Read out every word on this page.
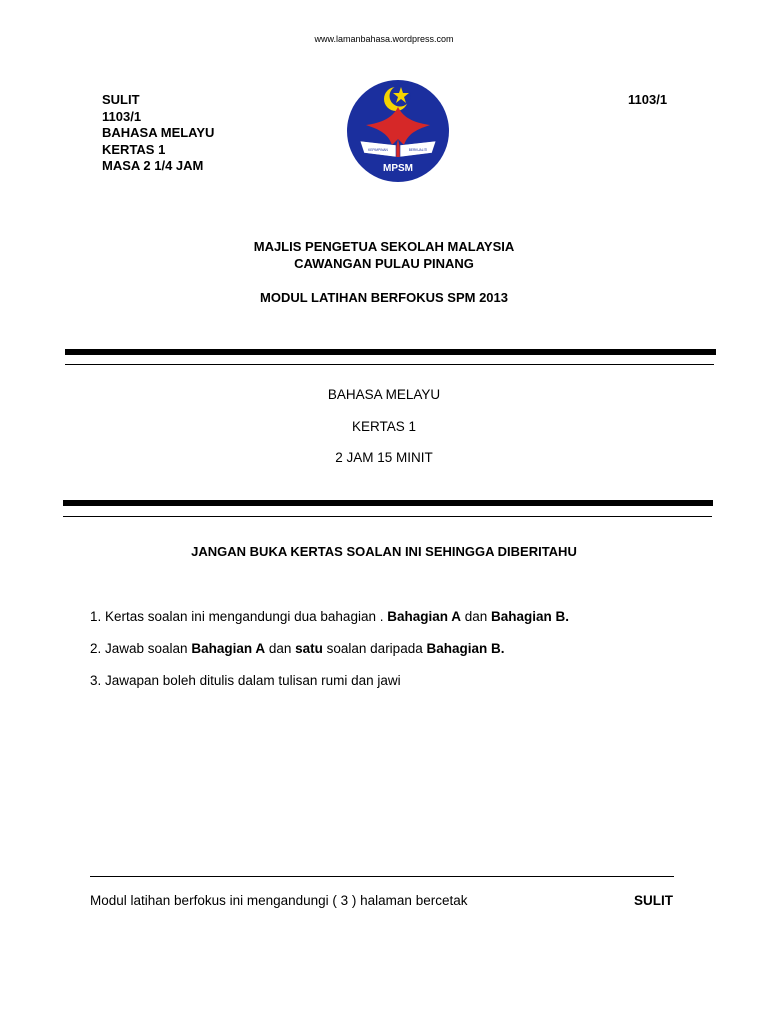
www.lamanbahasa.wordpress.com
SULIT
1103/1
BAHASA MELAYU
KERTAS 1
MASA 2 1/4 JAM
1103/1
KEPIMPINAN	BERKUALITI
MPSM
MAJLIS PENGETUA SEKOLAH MALAYSIA
CAWANGAN PULAU PINANG
MODUL LATIHAN BERFOKUS SPM 2013
BAHASA MELAYU
KERTAS 1
2 JAM 15 MINIT
JANGAN BUKA KERTAS SOALAN INI SEHINGGA DIBERITAHU
1. Kertas soalan ini mengandungi dua bahagian . Bahagian A dan Bahagian B.
2. Jawab soalan Bahagian A dan satu soalan daripada Bahagian B.
3. Jawapan boleh ditulis dalam tulisan rumi dan jawi
Modul latihan berfokus ini mengandungi ( 3 ) halaman bercetak	SULIT
